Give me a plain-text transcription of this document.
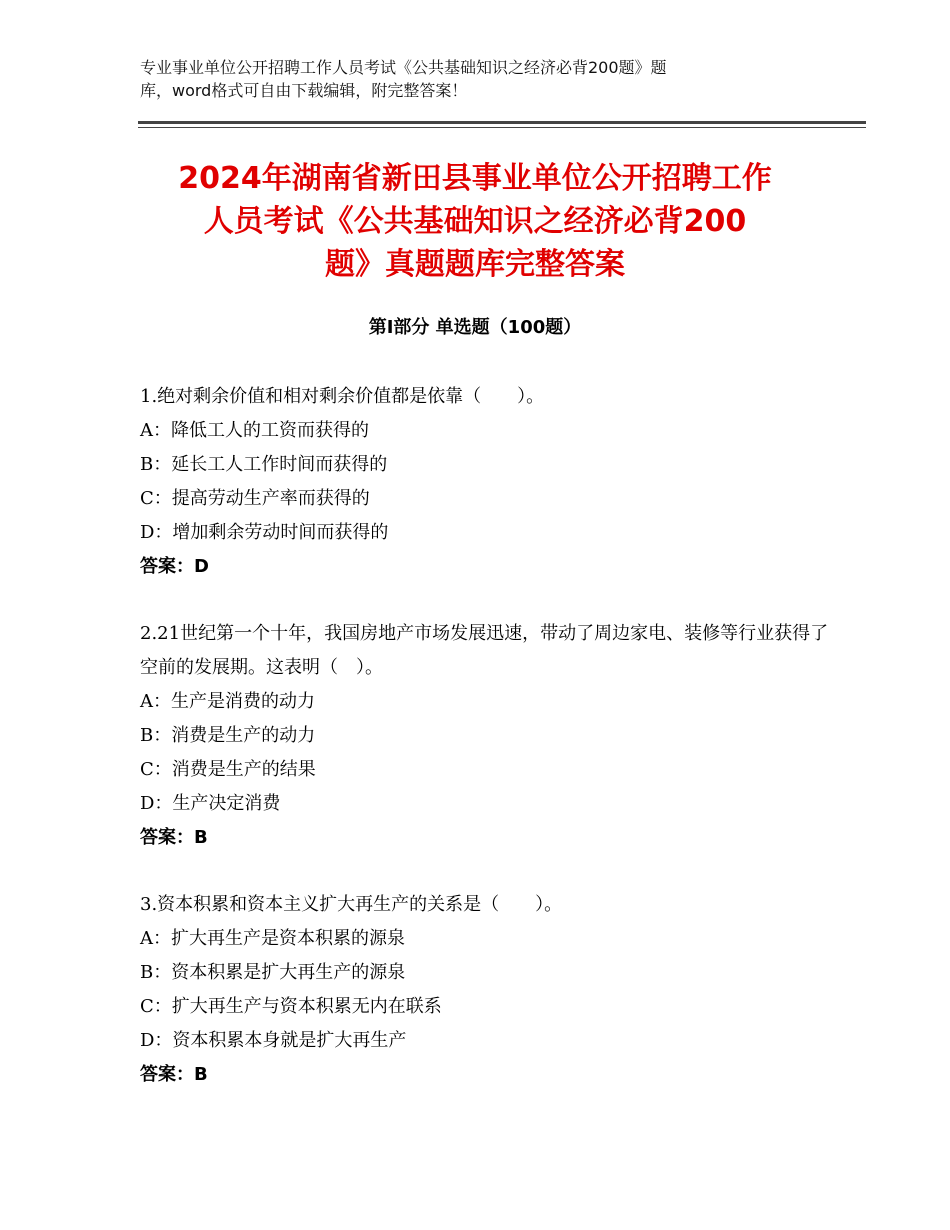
专业事业单位公开招聘工作人员考试《公共基础知识之经济必背200题》题
库，word格式可自由下载编辑，附完整答案！
2024年湖南省新田县事业单位公开招聘工作
人员考试《公共基础知识之经济必背200
题》真题题库完整答案
第Ⅰ部分 单选题（100题）

1.绝对剩余价值和相对剩余价值都是依靠（　　）。

A：降低工人的工资而获得的

B：延长工人工作时间而获得的

C：提高劳动生产率而获得的

D：增加剩余劳动时间而获得的

答案：D

2.21世纪第一个十年，我国房地产市场发展迅速，带动了周边家电、装修等行业获得了空前的发展期。这表明（　）。

A：生产是消费的动力

B：消费是生产的动力

C：消费是生产的结果

D：生产决定消费

答案：B

3.资本积累和资本主义扩大再生产的关系是（　　）。

A：扩大再生产是资本积累的源泉

B：资本积累是扩大再生产的源泉

C：扩大再生产与资本积累无内在联系

D：资本积累本身就是扩大再生产

答案：B
